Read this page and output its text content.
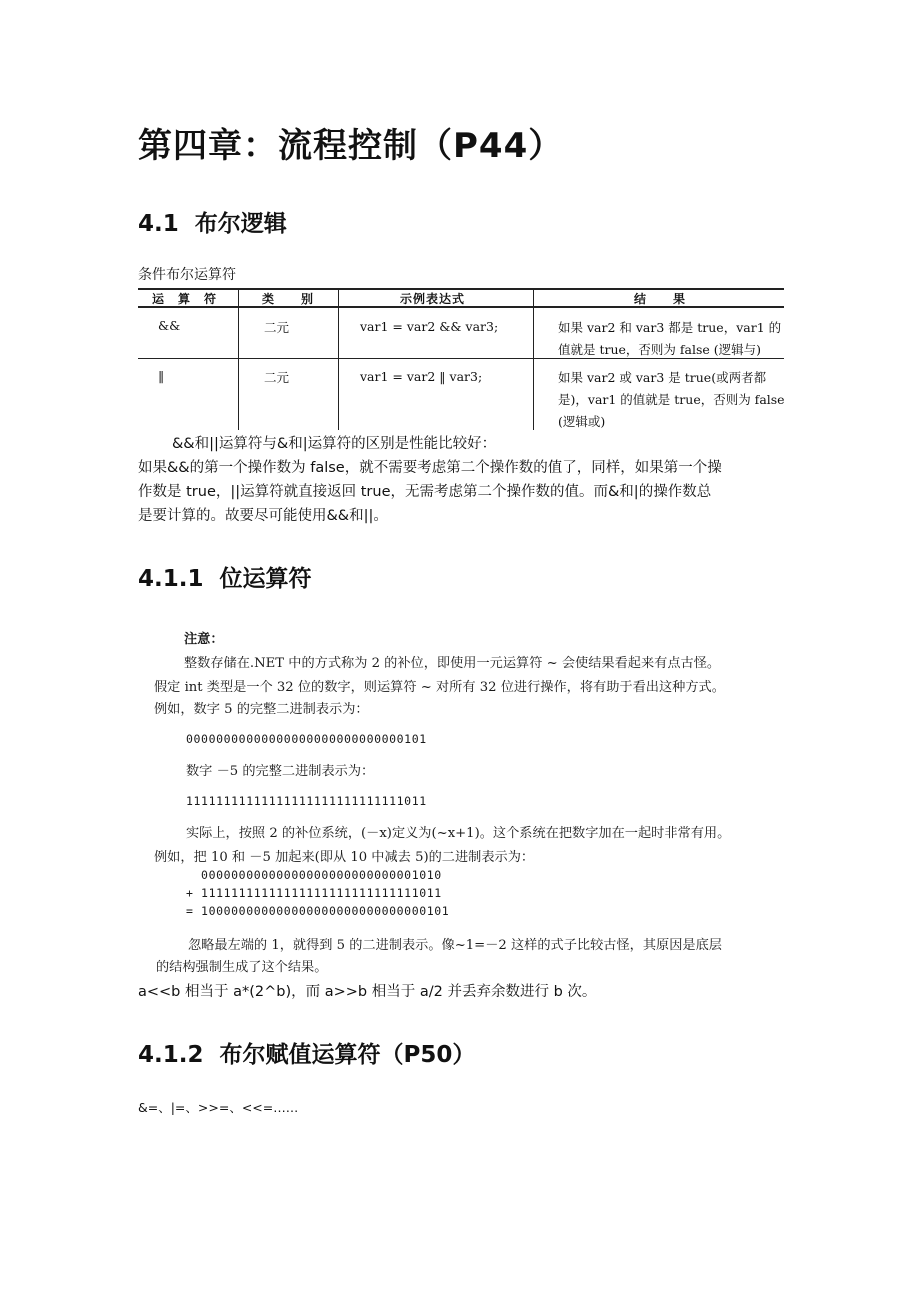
第四章：流程控制（P44）
4.1 布尔逻辑
条件布尔运算符
运　算　符	类　　别	示例表达式	结　　果
&&	二元	var1 = var2 && var3;	如果 var2 和 var3 都是 true，var1 的
值就是 true，否则为 false (逻辑与)
‖	二元	var1 = var2 ‖ var3;	如果 var2 或 var3 是 true(或两者都
是)，var1 的值就是 true，否则为 false
(逻辑或)
&&和||运算符与&和|运算符的区别是性能比较好：
如果&&的第一个操作数为 false，就不需要考虑第二个操作数的值了，同样，如果第一个操
作数是 true，||运算符就直接返回 true，无需考虑第二个操作数的值。而&和|的操作数总
是要计算的。故要尽可能使用&&和||。
4.1.1 位运算符
注意：
整数存储在.NET 中的方式称为 2 的补位，即使用一元运算符 ~ 会使结果看起来有点古怪。
假定 int 类型是一个 32 位的数字，则运算符 ~ 对所有 32 位进行操作，将有助于看出这种方式。
例如，数字 5 的完整二进制表示为：
00000000000000000000000000000101
数字 －5 的完整二进制表示为：
11111111111111111111111111111011
实际上，按照 2 的补位系统，(－x)定义为(~x+1)。这个系统在把数字加在一起时非常有用。
例如，把 10 和 －5 加起来(即从 10 中减去 5)的二进制表示为：
00000000000000000000000000001010
+ 11111111111111111111111111111011
= 100000000000000000000000000000101
忽略最左端的 1，就得到 5 的二进制表示。像~1=－2 这样的式子比较古怪，其原因是底层
的结构强制生成了这个结果。
a<<b 相当于 a*(2^b)，而 a>>b 相当于 a/2 并丢弃余数进行 b 次。
4.1.2 布尔赋值运算符（P50）
&=、|=、>>=、<<=……
